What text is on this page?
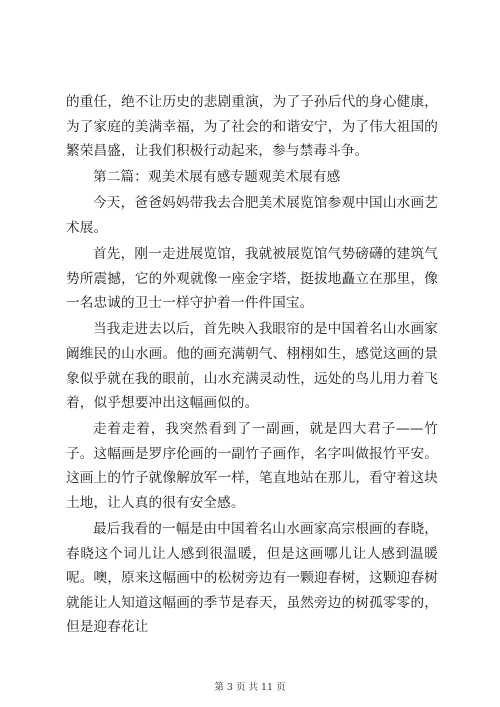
的重任，绝不让历史的悲剧重演，为了子孙后代的身心健康，为了家庭的美满幸福，为了社会的和谐安宁，为了伟大祖国的繁荣昌盛，让我们积极行动起来，参与禁毒斗争。

第二篇：观美术展有感专题观美术展有感

今天，爸爸妈妈带我去合肥美术展览馆参观中国山水画艺术展。

首先，刚一走进展览馆，我就被展览馆气势磅礴的建筑气势所震撼，它的外观就像一座金字塔，挺拔地矗立在那里，像一名忠诚的卫士一样守护着一件件国宝。

当我走进去以后，首先映入我眼帘的是中国着名山水画家阚维民的山水画。他的画充满朝气、栩栩如生，感觉这画的景象似乎就在我的眼前，山水充满灵动性，远处的鸟儿用力着飞着，似乎想要冲出这幅画似的。

走着走着，我突然看到了一副画，就是四大君子——竹子。这幅画是罗序伦画的一副竹子画作，名字叫做报竹平安。这画上的竹子就像解放军一样，笔直地站在那儿，看守着这块土地，让人真的很有安全感。

最后我看的一幅是由中国着名山水画家高宗根画的春晓，春晓这个词儿让人感到很温暖，但是这画哪儿让人感到温暖呢。噢，原来这幅画中的松树旁边有一颗迎春树，这颗迎春树就能让人知道这幅画的季节是春天，虽然旁边的树孤零零的，但是迎春花让

第 3 页 共 11 页
